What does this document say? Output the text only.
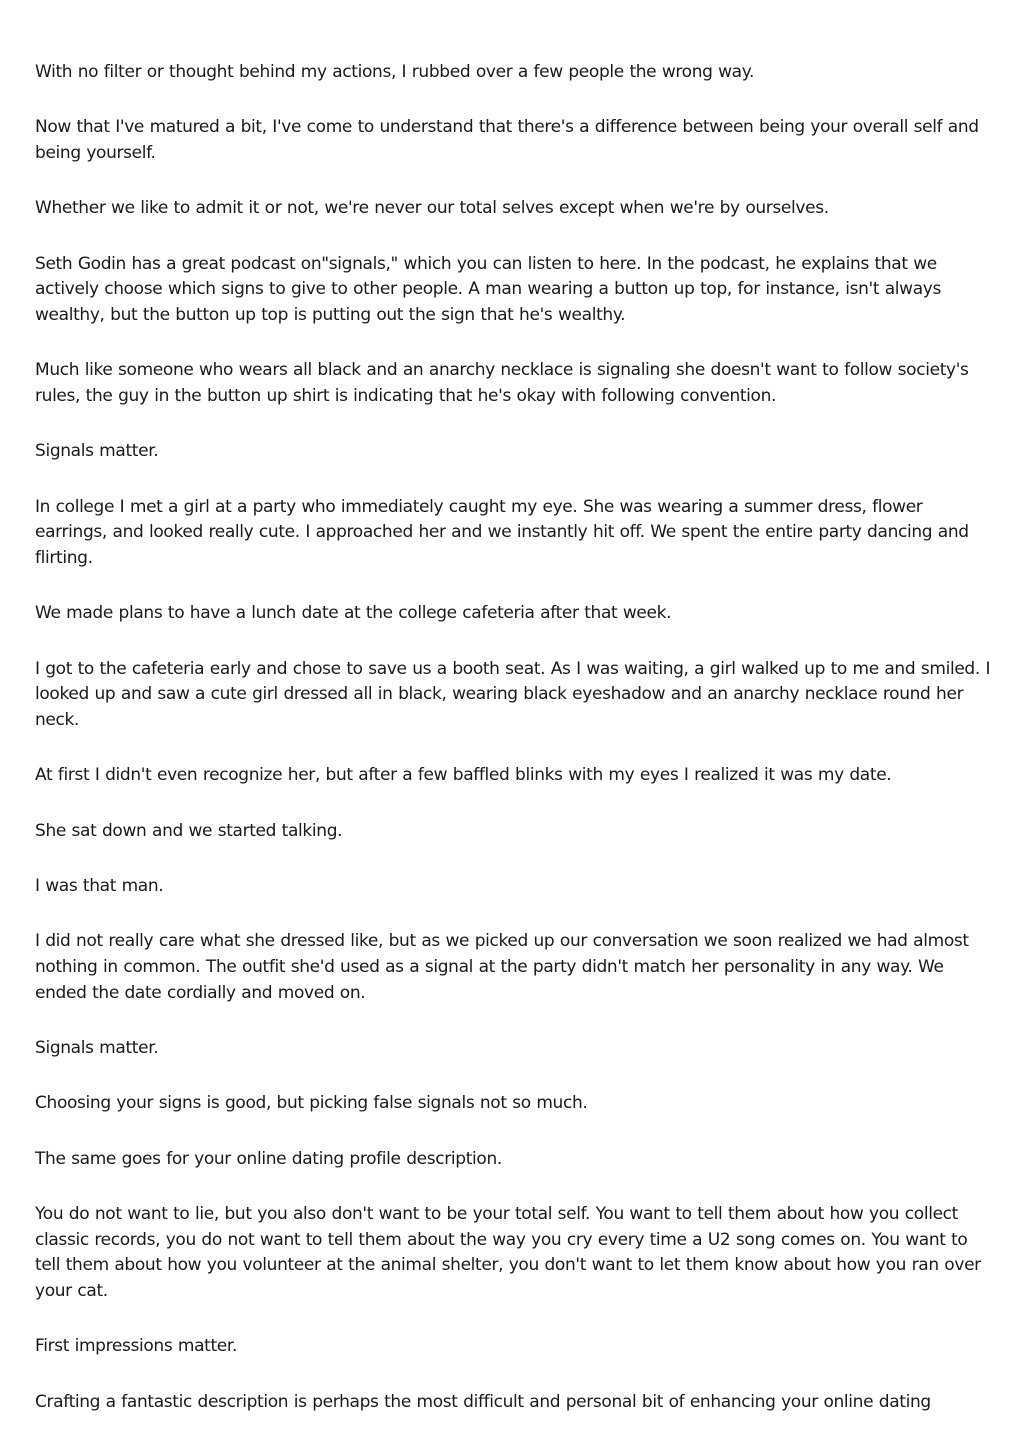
With no filter or thought behind my actions, I rubbed over a few people the wrong way.

Now that I've matured a bit, I've come to understand that there's a difference between being your overall self and being yourself.

Whether we like to admit it or not, we're never our total selves except when we're by ourselves.

Seth Godin has a great podcast on"signals," which you can listen to here. In the podcast, he explains that we actively choose which signs to give to other people. A man wearing a button up top, for instance, isn't always wealthy, but the button up top is putting out the sign that he's wealthy.

Much like someone who wears all black and an anarchy necklace is signaling she doesn't want to follow society's rules, the guy in the button up shirt is indicating that he's okay with following convention.

Signals matter.

In college I met a girl at a party who immediately caught my eye. She was wearing a summer dress, flower earrings, and looked really cute. I approached her and we instantly hit off. We spent the entire party dancing and flirting.

We made plans to have a lunch date at the college cafeteria after that week.

I got to the cafeteria early and chose to save us a booth seat. As I was waiting, a girl walked up to me and smiled. I looked up and saw a cute girl dressed all in black, wearing black eyeshadow and an anarchy necklace round her neck.

At first I didn't even recognize her, but after a few baffled blinks with my eyes I realized it was my date.

She sat down and we started talking.

I was that man.

I did not really care what she dressed like, but as we picked up our conversation we soon realized we had almost nothing in common. The outfit she'd used as a signal at the party didn't match her personality in any way. We ended the date cordially and moved on.

Signals matter.

Choosing your signs is good, but picking false signals not so much.

The same goes for your online dating profile description.

You do not want to lie, but you also don't want to be your total self. You want to tell them about how you collect classic records, you do not want to tell them about the way you cry every time a U2 song comes on. You want to tell them about how you volunteer at the animal shelter, you don't want to let them know about how you ran over your cat.

First impressions matter.

Crafting a fantastic description is perhaps the most difficult and personal bit of enhancing your online dating
